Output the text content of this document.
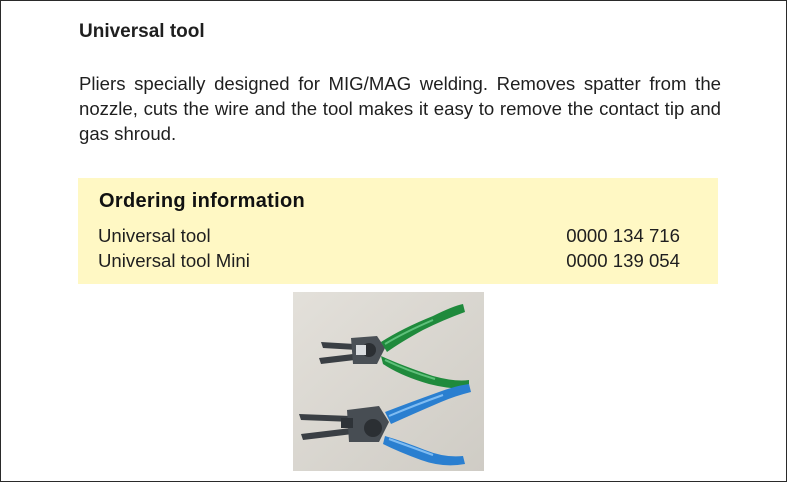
Universal tool
Pliers specially designed for MIG/MAG welding. Removes spatter from the nozzle, cuts the wire and the tool makes it easy to remove the contact tip and gas shroud.
Ordering information
Universal tool	0000 134 716
Universal tool Mini	0000 139 054
